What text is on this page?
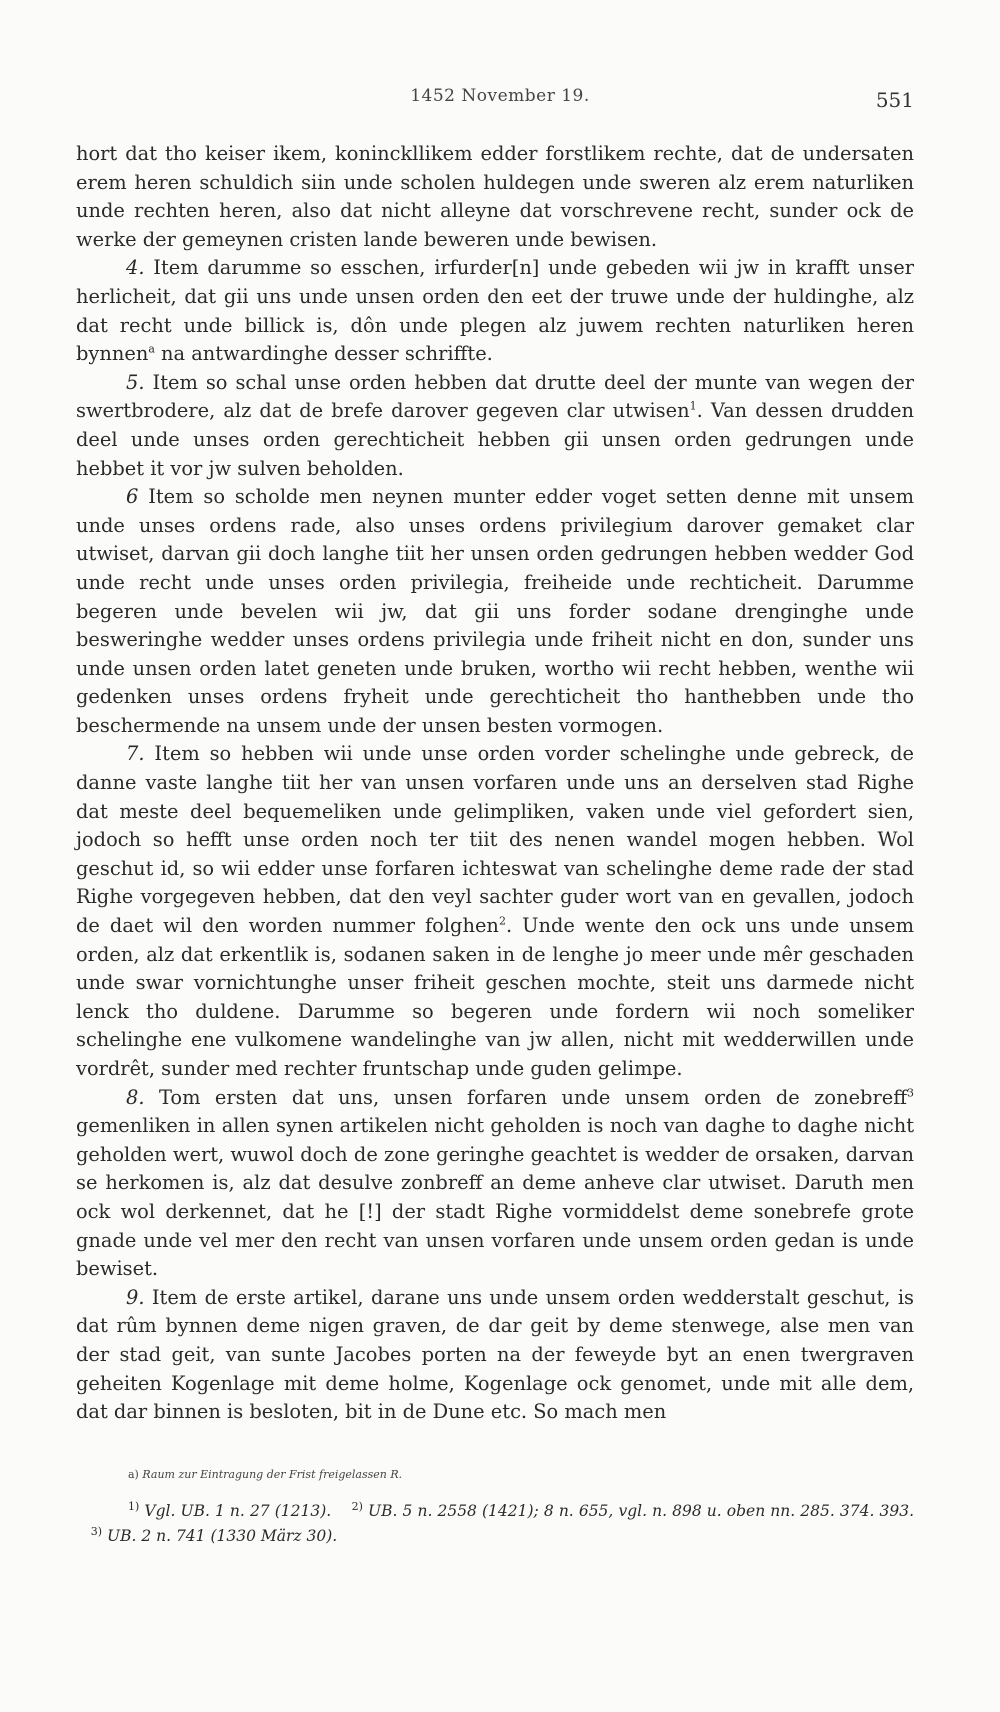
1452 November 19.	551

hort dat tho keiser ikem, koninckllikem edder forstlikem rechte, dat de undersaten erem heren schuldich siin unde scholen huldegen unde sweren alz erem naturliken unde rechten heren, also dat nicht alleyne dat vorschrevene recht, sunder ock de werke der gemeynen cristen lande beweren unde bewisen.

4. Item darumme so esschen, irfurder[n] unde gebeden wii jw in krafft unser herlicheit, dat gii uns unde unsen orden den eet der truwe unde der huldinghe, alz dat recht unde billick is, dôn unde plegen alz juwem rechten naturliken heren bynnen$^a$ na antwardinghe desser schriffte.

5. Item so schal unse orden hebben dat drutte deel der munte van wegen der swertbrodere, alz dat de brefe darover gegeven clar utwisen$^1$. Van dessen drudden deel unde unses orden gerechticheit hebben gii unsen orden gedrungen unde hebbet it vor jw sulven beholden.

6 Item so scholde men neynen munter edder voget setten denne mit unsem unde unses ordens rade, also unses ordens privilegium darover gemaket clar utwiset, darvan gii doch langhe tiit her unsen orden gedrungen hebben wedder God unde recht unde unses orden privilegia, freiheide unde rechticheit. Darumme begeren unde bevelen wii jw, dat gii uns forder sodane drenginghe unde besweringhe wedder unses ordens privilegia unde friheit nicht en don, sunder uns unde unsen orden latet geneten unde bruken, wortho wii recht hebben, wenthe wii gedenken unses ordens fryheit unde gerechticheit tho hanthebben unde tho beschermende na unsem unde der unsen besten vormogen.

7. Item so hebben wii unde unse orden vorder schelinghe unde gebreck, de danne vaste langhe tiit her van unsen vorfaren unde uns an derselven stad Righe dat meste deel bequemeliken unde gelimpliken, vaken unde viel gefordert sien, jodoch so hefft unse orden noch ter tiit des nenen wandel mogen hebben. Wol geschut id, so wii edder unse forfaren ichteswat van schelinghe deme rade der stad Righe vorgegeven hebben, dat den veyl sachter guder wort van en gevallen, jodoch de daet wil den worden nummer folghen$^2$. Unde wente den ock uns unde unsem orden, alz dat erkentlik is, sodanen saken in de lenghe jo meer unde mêr geschaden unde swar vornichtunghe unser friheit geschen mochte, steit uns darmede nicht lenck tho duldene. Darumme so begeren unde fordern wii noch someliker schelinghe ene vulkomene wandelinghe van jw allen, nicht mit wedderwillen unde vordrêt, sunder med rechter fruntschap unde guden gelimpe.

8. Tom ersten dat uns, unsen forfaren unde unsem orden de zonebreff$^3$ gemenliken in allen synen artikelen nicht geholden is noch van daghe to daghe nicht geholden wert, wuwol doch de zone geringhe geachtet is wedder de orsaken, darvan se herkomen is, alz dat desulve zonbreff an deme anheve clar utwiset. Daruth men ock wol derkennet, dat he [!] der stadt Righe vormiddelst deme sonebrefe grote gnade unde vel mer den recht van unsen vorfaren unde unsem orden gedan is unde bewiset.

9. Item de erste artikel, darane uns unde unsem orden wedderstalt geschut, is dat rûm bynnen deme nigen graven, de dar geit by deme stenwege, alse men van der stad geit, van sunte Jacobes porten na der feweyde byt an enen twergraven geheiten Kogenlage mit deme holme, Kogenlage ock genomet, unde mit alle dem, dat dar binnen is besloten, bit in de Dune etc. So mach men

a) Raum zur Eintragung der Frist freigelassen R.

$^{1)}$ Vgl. UB. 1 n. 27 (1213). $^{2)}$ UB. 5 n. 2558 (1421); 8 n. 655, vgl. n. 898 u. oben nn. 285. 374. 393.    $^{3)}$ UB. 2 n. 741 (1330 März 30).
